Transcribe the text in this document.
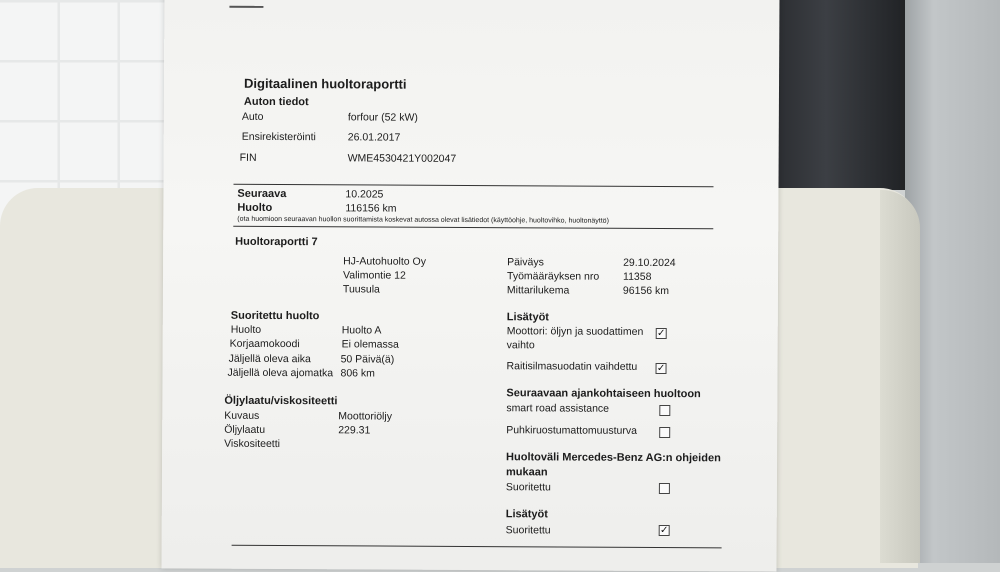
Digitaalinen huoltoraportti
Auton tiedot
Auto	forfour (52 kW)
Ensirekisteröinti	26.01.2017
FIN	WME4530421Y002047
Seuraava	10.2025
Huolto	116156 km
(ota huomioon seuraavan huollon suorittamista koskevat autossa olevat lisätiedot (käyttöohje, huoltovihko, huoltonäyttö)
Huoltoraportti 7
HJ-Autohuolto Oy
Valimontie 12
Tuusula
Päiväys	29.10.2024
Työmääräyksen nro 11358
Mittarilukema	96156 km
Suoritettu huolto
Huolto	Huolto A
Korjaamokoodi	Ei olemassa
Jäljellä oleva aika	50 Päivä(ä)
Jäljellä oleva ajomatka 806 km
Öljylaatu/viskositeetti
Kuvaus	Moottoriöljy
Öljylaatu	229.31
Viskositeetti
Lisätyöt
Moottori: öljyn ja suodattimen
vaihto
✓
Raitisilmasuodatin vaihdettu ✓
Seuraavaan ajankohtaiseen huoltoon
smart road assistance
Puhkiruostumattomuusturva
Huoltoväli Mercedes-Benz AG:n ohjeiden
mukaan
Suoritettu
Lisätyöt
Suoritettu	✓
